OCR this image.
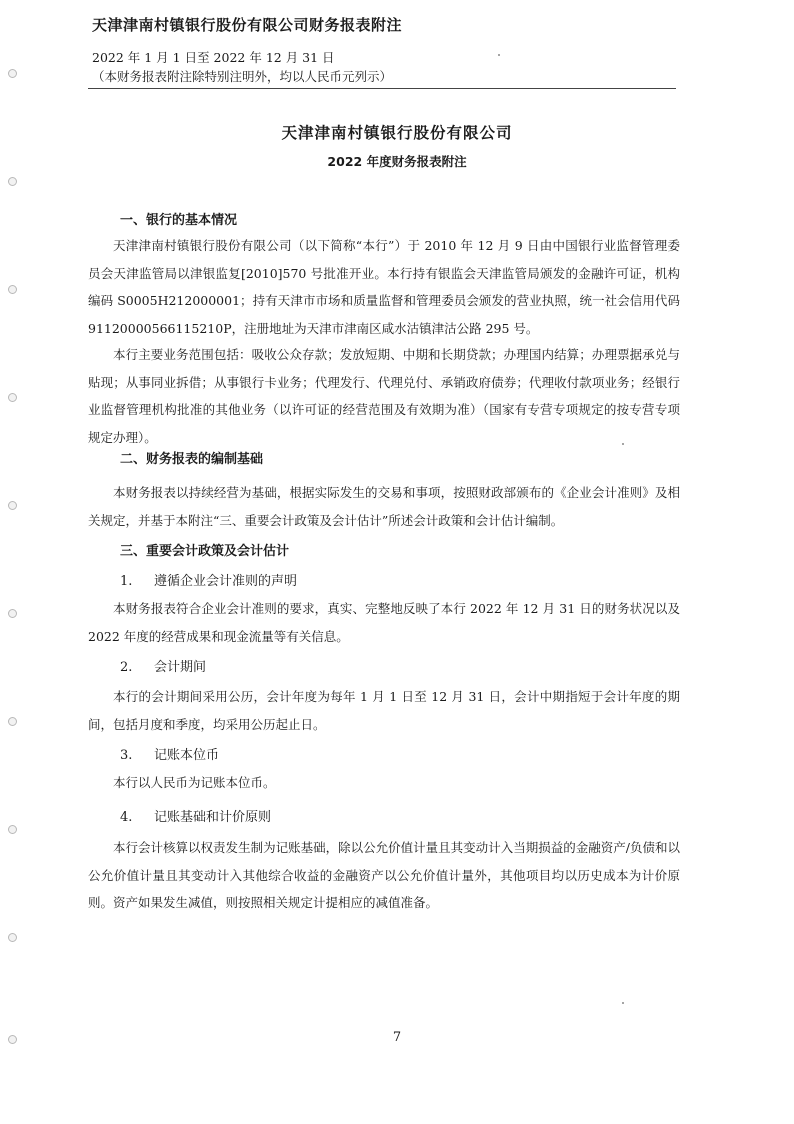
天津津南村镇银行股份有限公司财务报表附注
2022 年 1 月 1 日至 2022 年 12 月 31 日
（本财务报表附注除特别注明外，均以人民币元列示）
天津津南村镇银行股份有限公司
2022 年度财务报表附注
一、银行的基本情况
天津津南村镇银行股份有限公司（以下简称“本行”）于 2010 年 12 月 9 日由中国银行业监督管理委员会天津监管局以津银监复[2010]570 号批准开业。本行持有银监会天津监管局颁发的金融许可证，机构编码 S0005H212000001；持有天津市市场和质量监督和管理委员会颁发的营业执照，统一社会信用代码 91120000566115210P，注册地址为天津市津南区咸水沽镇津沽公路 295 号。
本行主要业务范围包括：吸收公众存款；发放短期、中期和长期贷款；办理国内结算；办理票据承兑与贴现；从事同业拆借；从事银行卡业务；代理发行、代理兑付、承销政府债券；代理收付款项业务；经银行业监督管理机构批准的其他业务（以许可证的经营范围及有效期为准）（国家有专营专项规定的按专营专项规定办理）。
二、财务报表的编制基础
本财务报表以持续经营为基础，根据实际发生的交易和事项，按照财政部颁布的《企业会计准则》及相关规定，并基于本附注“三、重要会计政策及会计估计”所述会计政策和会计估计编制。
三、重要会计政策及会计估计
1. 遵循企业会计准则的声明
本财务报表符合企业会计准则的要求，真实、完整地反映了本行 2022 年 12 月 31 日的财务状况以及 2022 年度的经营成果和现金流量等有关信息。
2. 会计期间
本行的会计期间采用公历，会计年度为每年 1 月 1 日至 12 月 31 日，会计中期指短于会计年度的期间，包括月度和季度，均采用公历起止日。
3. 记账本位币
本行以人民币为记账本位币。
4. 记账基础和计价原则
本行会计核算以权责发生制为记账基础，除以公允价值计量且其变动计入当期损益的金融资产/负债和以公允价值计量且其变动计入其他综合收益的金融资产以公允价值计量外，其他项目均以历史成本为计价原则。资产如果发生减值，则按照相关规定计提相应的减值准备。
7
